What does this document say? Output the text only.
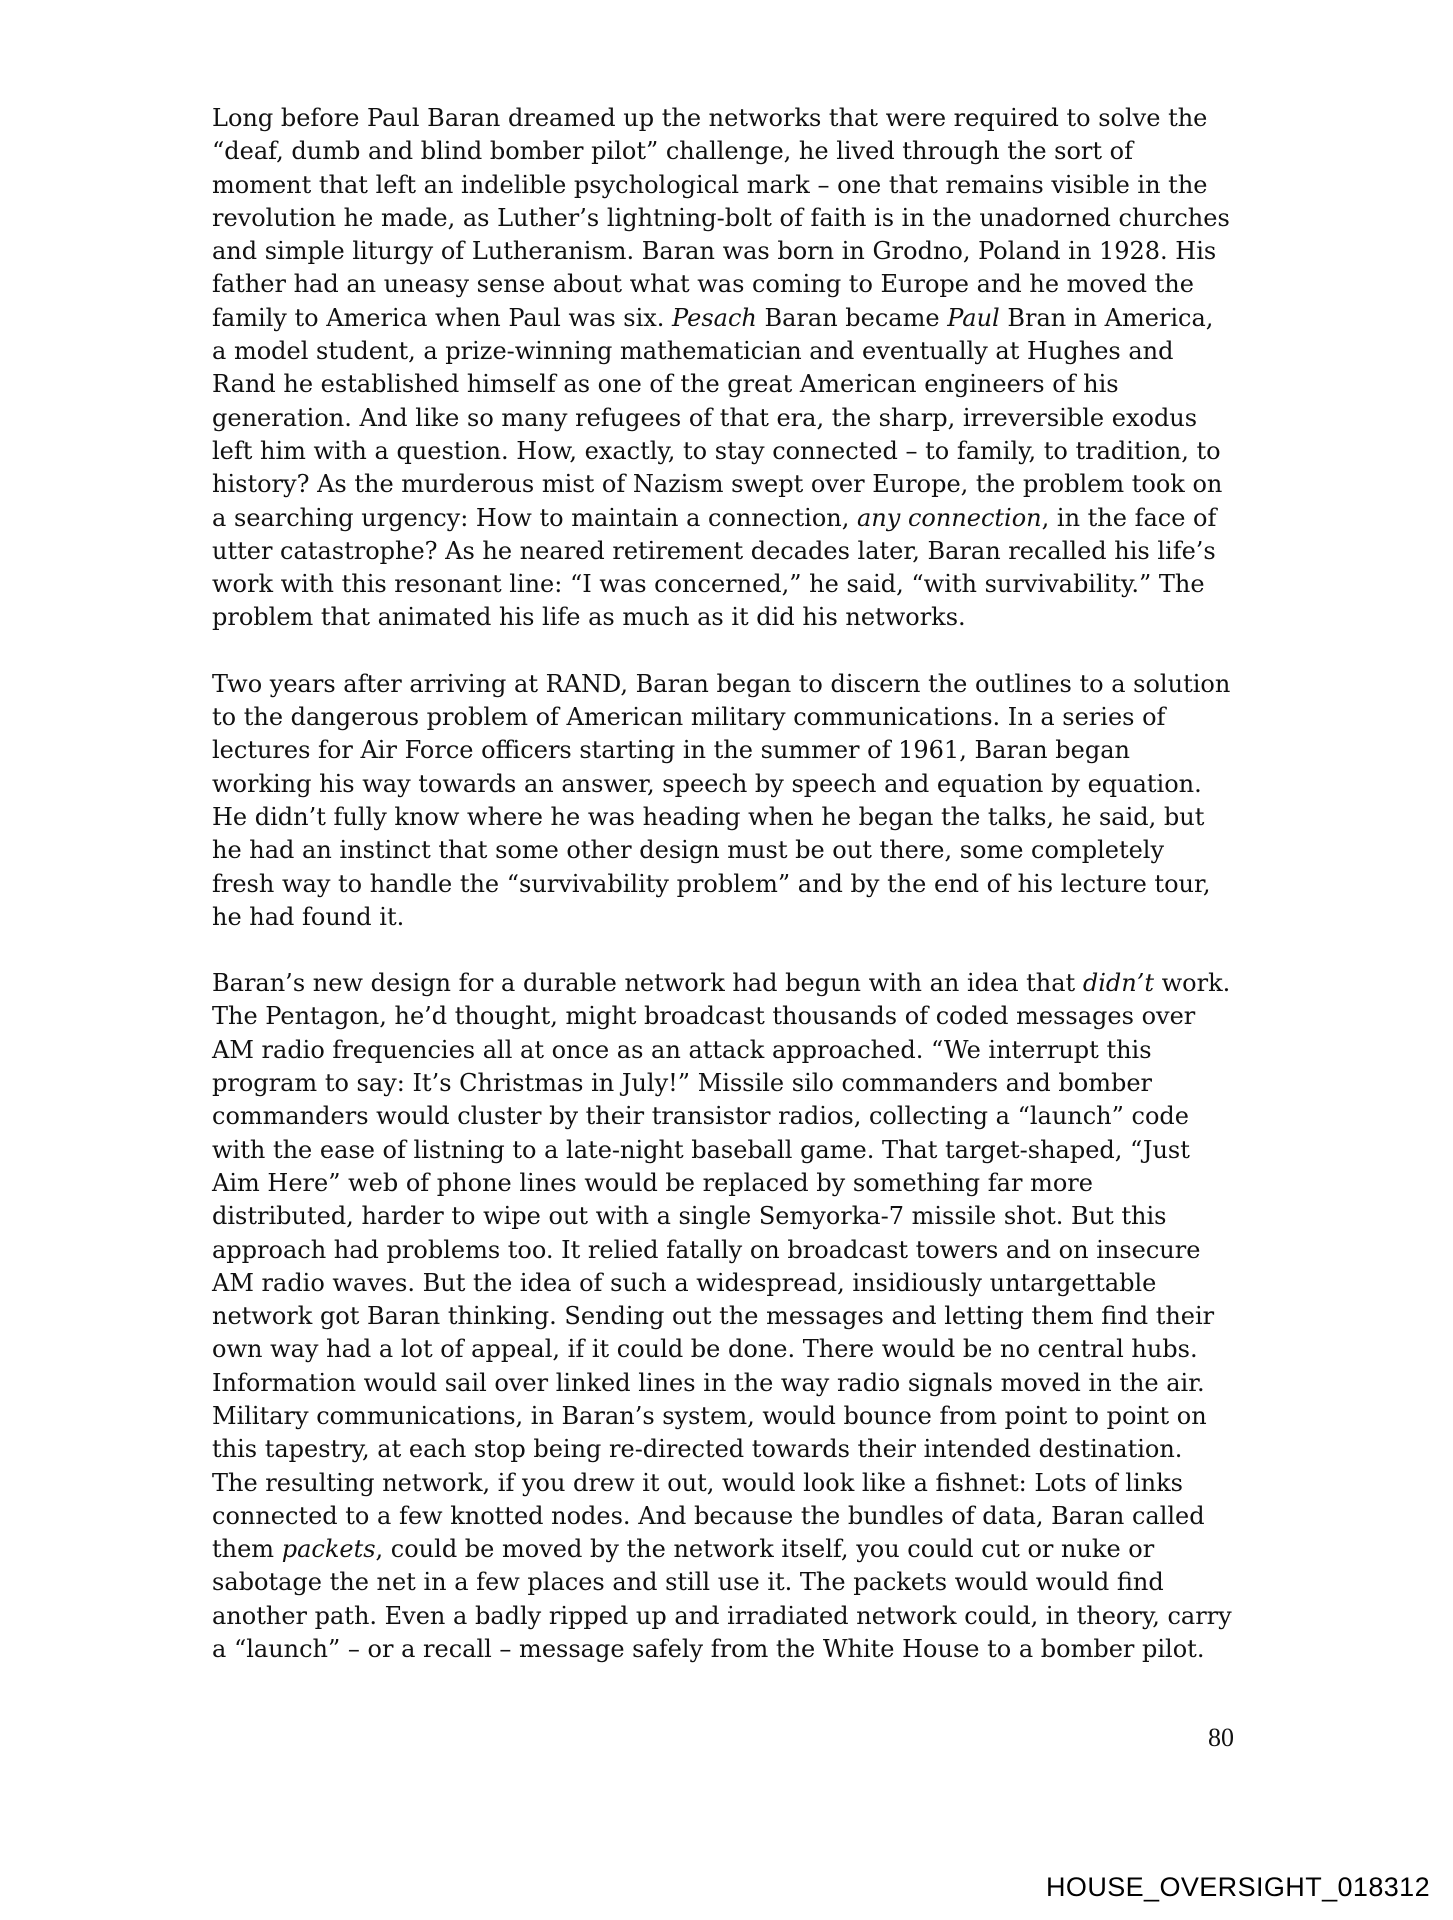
Long before Paul Baran dreamed up the networks that were required to solve the “deaf, dumb and blind bomber pilot” challenge, he lived through the sort of moment that left an indelible psychological mark – one that remains visible in the revolution he made, as Luther’s lightning-bolt of faith is in the unadorned churches and simple liturgy of Lutheranism. Baran was born in Grodno, Poland in 1928. His father had an uneasy sense about what was coming to Europe and he moved the family to America when Paul was six. Pesach Baran became Paul Bran in America, a model student, a prize-winning mathematician and eventually at Hughes and Rand he established himself as one of the great American engineers of his generation. And like so many refugees of that era, the sharp, irreversible exodus left him with a question. How, exactly, to stay connected – to family, to tradition, to history? As the murderous mist of Nazism swept over Europe, the problem took on a searching urgency: How to maintain a connection, any connection, in the face of utter catastrophe? As he neared retirement decades later, Baran recalled his life’s work with this resonant line: “I was concerned,” he said, “with survivability.” The problem that animated his life as much as it did his networks.

Two years after arriving at RAND, Baran began to discern the outlines to a solution to the dangerous problem of American military communications. In a series of lectures for Air Force officers starting in the summer of 1961, Baran began working his way towards an answer, speech by speech and equation by equation. He didn’t fully know where he was heading when he began the talks, he said, but he had an instinct that some other design must be out there, some completely fresh way to handle the “survivability problem” and by the end of his lecture tour, he had found it.

Baran’s new design for a durable network had begun with an idea that didn’t work. The Pentagon, he’d thought, might broadcast thousands of coded messages over AM radio frequencies all at once as an attack approached. “We interrupt this program to say: It’s Christmas in July!” Missile silo commanders and bomber commanders would cluster by their transistor radios, collecting a “launch” code with the ease of listning to a late-night baseball game. That target-shaped, “Just Aim Here” web of phone lines would be replaced by something far more distributed, harder to wipe out with a single Semyorka-7 missile shot. But this approach had problems too. It relied fatally on broadcast towers and on insecure AM radio waves. But the idea of such a widespread, insidiously untargettable network got Baran thinking. Sending out the messages and letting them find their own way had a lot of appeal, if it could be done. There would be no central hubs. Information would sail over linked lines in the way radio signals moved in the air. Military communications, in Baran’s system, would bounce from point to point on this tapestry, at each stop being re-directed towards their intended destination. The resulting network, if you drew it out, would look like a fishnet: Lots of links connected to a few knotted nodes. And because the bundles of data, Baran called them packets, could be moved by the network itself, you could cut or nuke or sabotage the net in a few places and still use it. The packets would would find another path. Even a badly ripped up and irradiated network could, in theory, carry a “launch” – or a recall – message safely from the White House to a bomber pilot.

80
HOUSE_OVERSIGHT_018312
